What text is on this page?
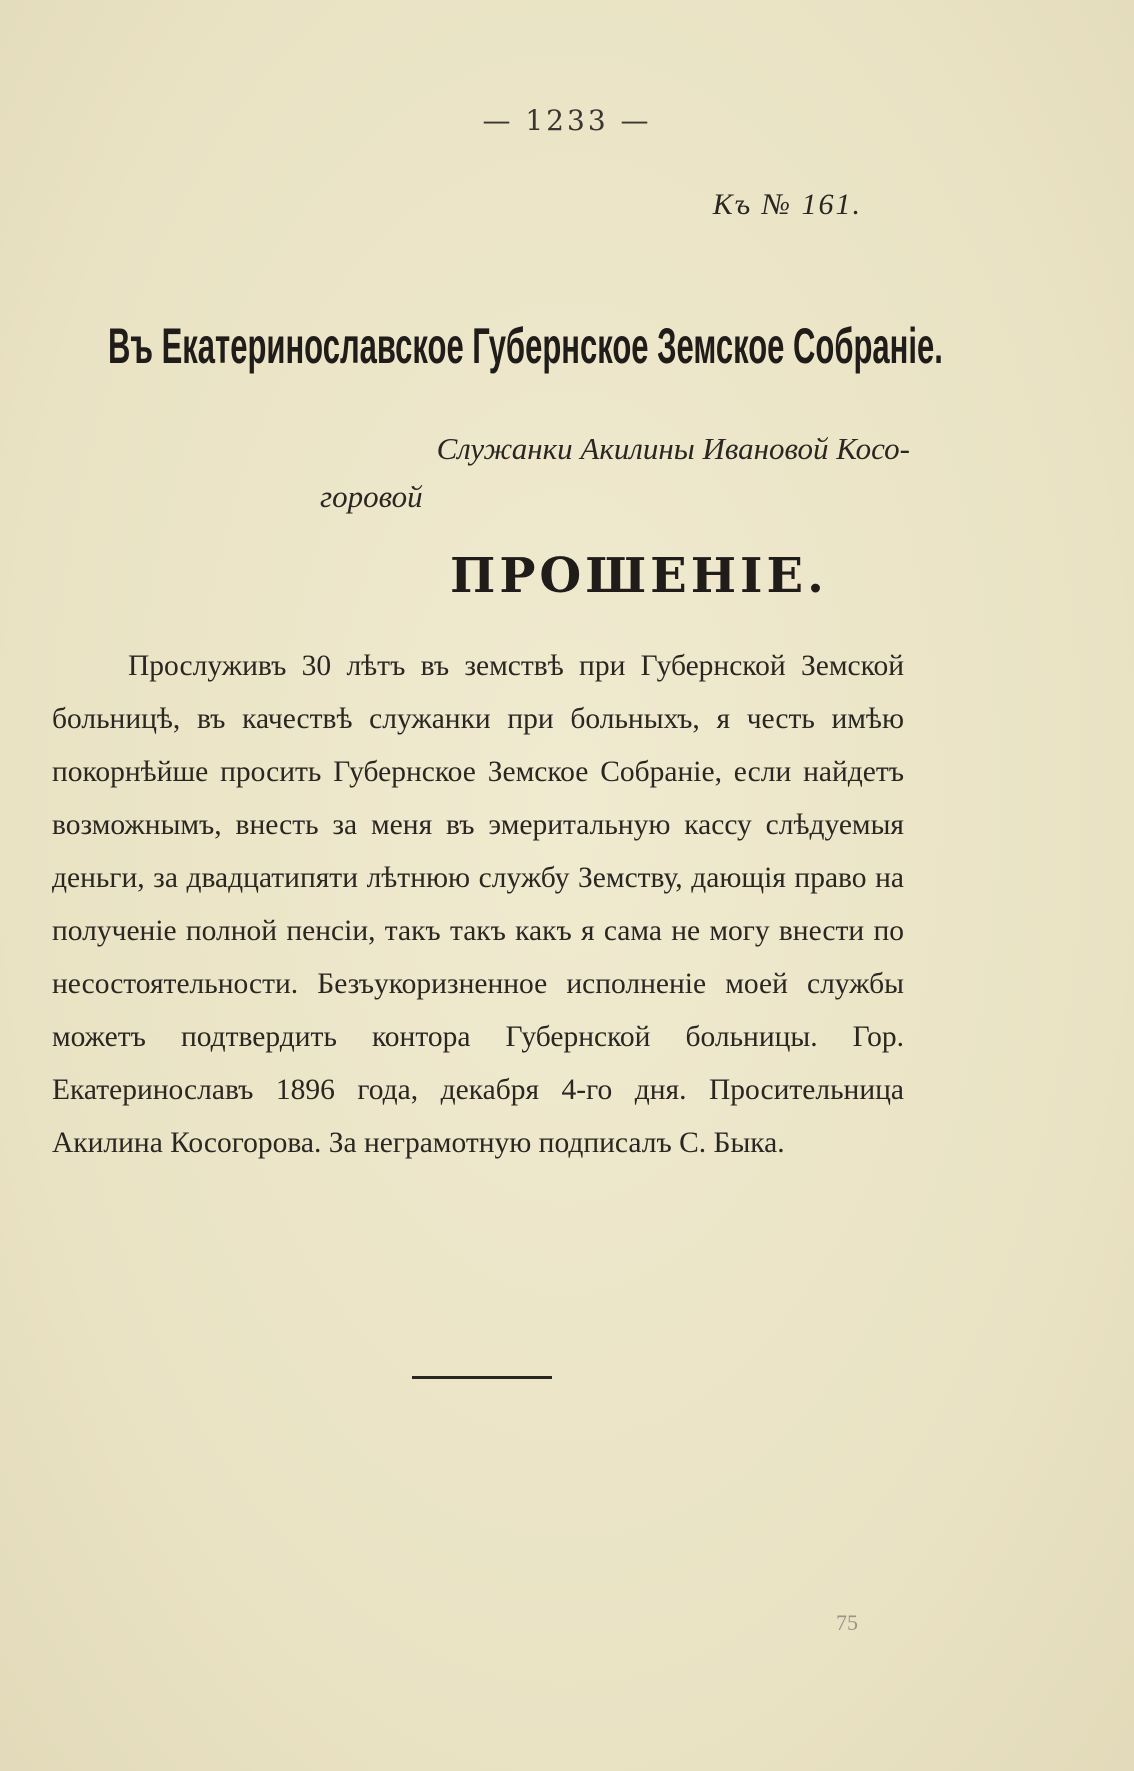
— 1233 —
Къ № 161.
Въ Екатеринославское Губернское Земское Собраніе.
Служанки Акилины Ивановой Косо-
горовой
ПРОШЕНІЕ.

Прослуживъ 30 лѣтъ въ земствѣ при Губернской Земской больницѣ, въ качествѣ служанки при больныхъ, я честь имѣю покорнѣйше просить Губернское Земское Собраніе, если найдетъ возможнымъ, внесть за меня въ эмеритальную кассу слѣдуемыя деньги, за двадцатипяти лѣтнюю службу Земству, дающія право на полученіе полной пенсіи, такъ такъ какъ я сама не могу внести по несостоятельности. Безъукоризненное исполненіе моей службы можетъ подтвердить контора Губернской больницы. Гор. Екатеринославъ 1896 года, декабря 4-го дня. Просительница Акилина Косогорова. За неграмотную подписалъ С. Быка.

75
